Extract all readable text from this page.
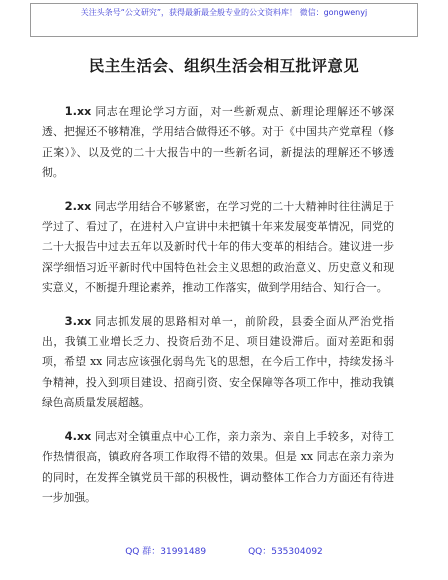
关注头条号“公文研究”，获得最新最全般专业的公文资料库！ 微信：gongwenyj
民主生活会、组织生活会相互批评意见

1.xx 同志在理论学习方面，对一些新观点、新理论理解还不够深透、把握还不够精准，学用结合做得还不够。对于《中国共产党章程（修正案）》、以及党的二十大报告中的一些新名词，新提法的理解还不够透彻。

2.xx 同志学用结合不够紧密，在学习党的二十大精神时往往满足于学过了、看过了，在进村入户宣讲中未把镇十年来发展变革情况，同党的二十大报告中过去五年以及新时代十年的伟大变革的相结合。建议进一步深学细悟习近平新时代中国特色社会主义思想的政治意义、历史意义和现实意义，不断提升理论素养，推动工作落实，做到学用结合、知行合一。

3.xx 同志抓发展的思路相对单一，前阶段，县委全面从严治党指出，我镇工业增长乏力、投资后劲不足、项目建设滞后。面对差距和弱项，希望 xx 同志应该强化弱鸟先飞的思想，在今后工作中，持续发扬斗争精神，投入到项目建设、招商引资、安全保障等各项工作中，推动我镇绿色高质量发展超越。

4.xx 同志对全镇重点中心工作，亲力亲为、亲自上手较多，对待工作热情很高，镇政府各项工作取得不错的效果。但是 xx 同志在亲力亲为的同时，在发挥全镇党员干部的积极性，调动整体工作合力方面还有待进一步加强。

QQ 群：31991489	QQ：535304092
